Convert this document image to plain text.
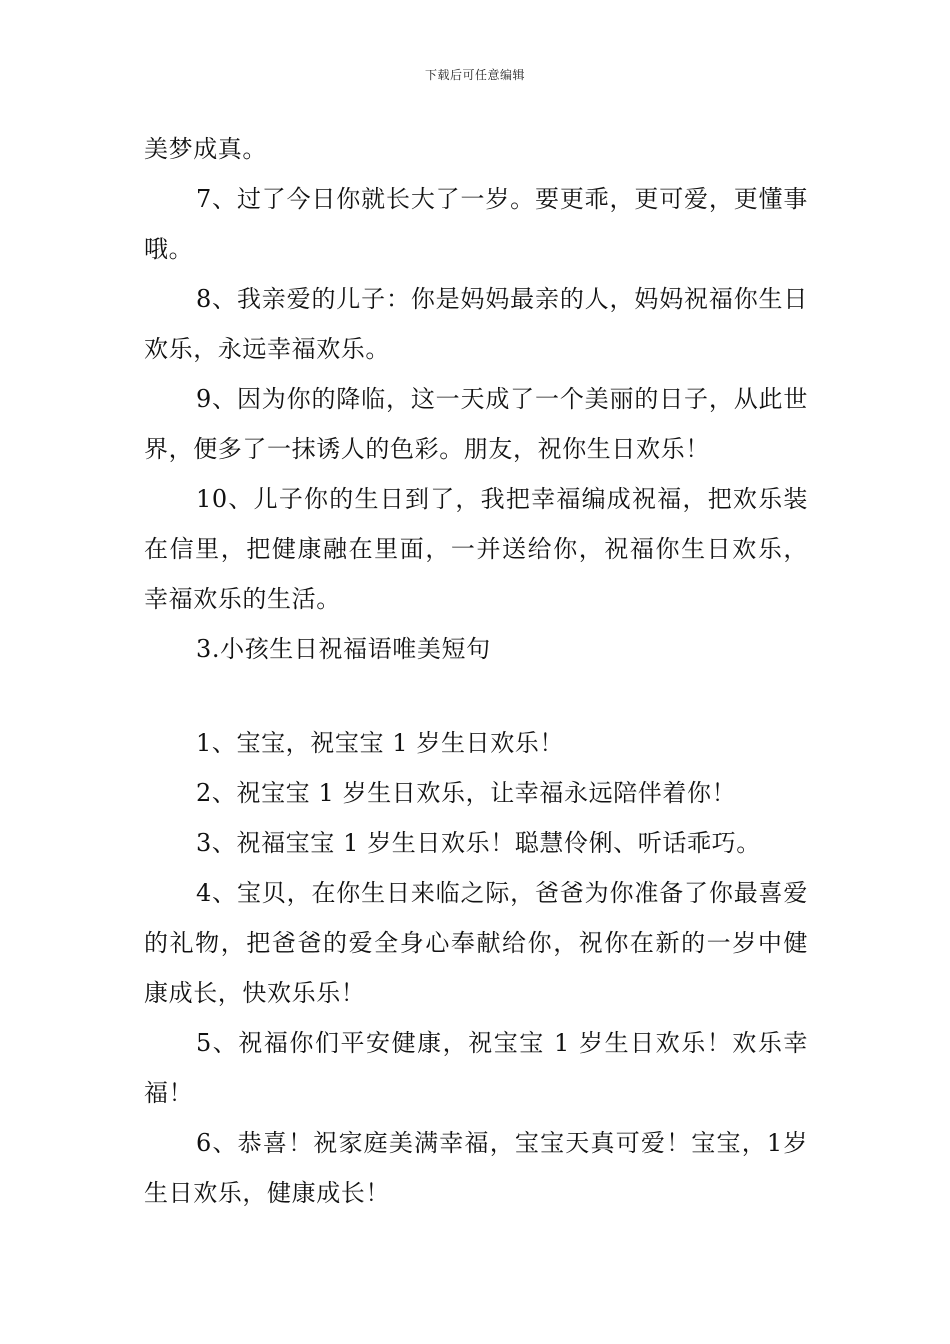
下载后可任意编辑

美梦成真。

7、过了今日你就长大了一岁。要更乖，更可爱，更懂事哦。

8、我亲爱的儿子：你是妈妈最亲的人，妈妈祝福你生日欢乐，永远幸福欢乐。

9、因为你的降临，这一天成了一个美丽的日子，从此世界，便多了一抹诱人的色彩。朋友，祝你生日欢乐！

10、儿子你的生日到了，我把幸福编成祝福，把欢乐装在信里，把健康融在里面，一并送给你，祝福你生日欢乐，幸福欢乐的生活。

3.小孩生日祝福语唯美短句

1、宝宝，祝宝宝 1 岁生日欢乐！

2、祝宝宝 1 岁生日欢乐，让幸福永远陪伴着你！

3、祝福宝宝 1 岁生日欢乐！聪慧伶俐、听话乖巧。

4、宝贝，在你生日来临之际，爸爸为你准备了你最喜爱的礼物，把爸爸的爱全身心奉献给你，祝你在新的一岁中健康成长，快欢乐乐！

5、祝福你们平安健康，祝宝宝 1 岁生日欢乐！欢乐幸福！

6、恭喜！祝家庭美满幸福，宝宝天真可爱！宝宝，1岁生日欢乐，健康成长！
